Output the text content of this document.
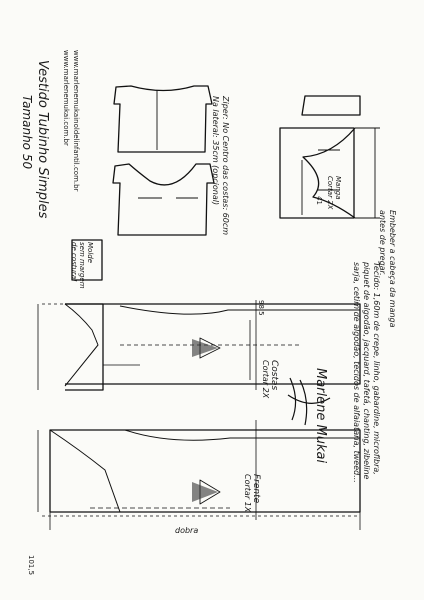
Vestido Tubinho Simples
Tamanho 50	www.marlenemukai.com.br www.marlenemukainoldelinfantil.com.br	Ziper: No Centro das costas: 60cm
Na lateral: 35cm (opcional)
Embeber a cabeça da manga
antes de pregar.
Manga
Cortar 2X
Molde
sem margem
de costura!
Tecido: 1,60m de crepe, linho, gabardine, microfibra,
piquet de algodão, jacquard, tafetá, chanting, zibeline
sarja, cetim de algodão, tecidos de alfaiataria, tweed...
Costas
Cortar 2X
Frente
Cortar 1X
dobra
98,5
101,5
41
Marlene Mukai
